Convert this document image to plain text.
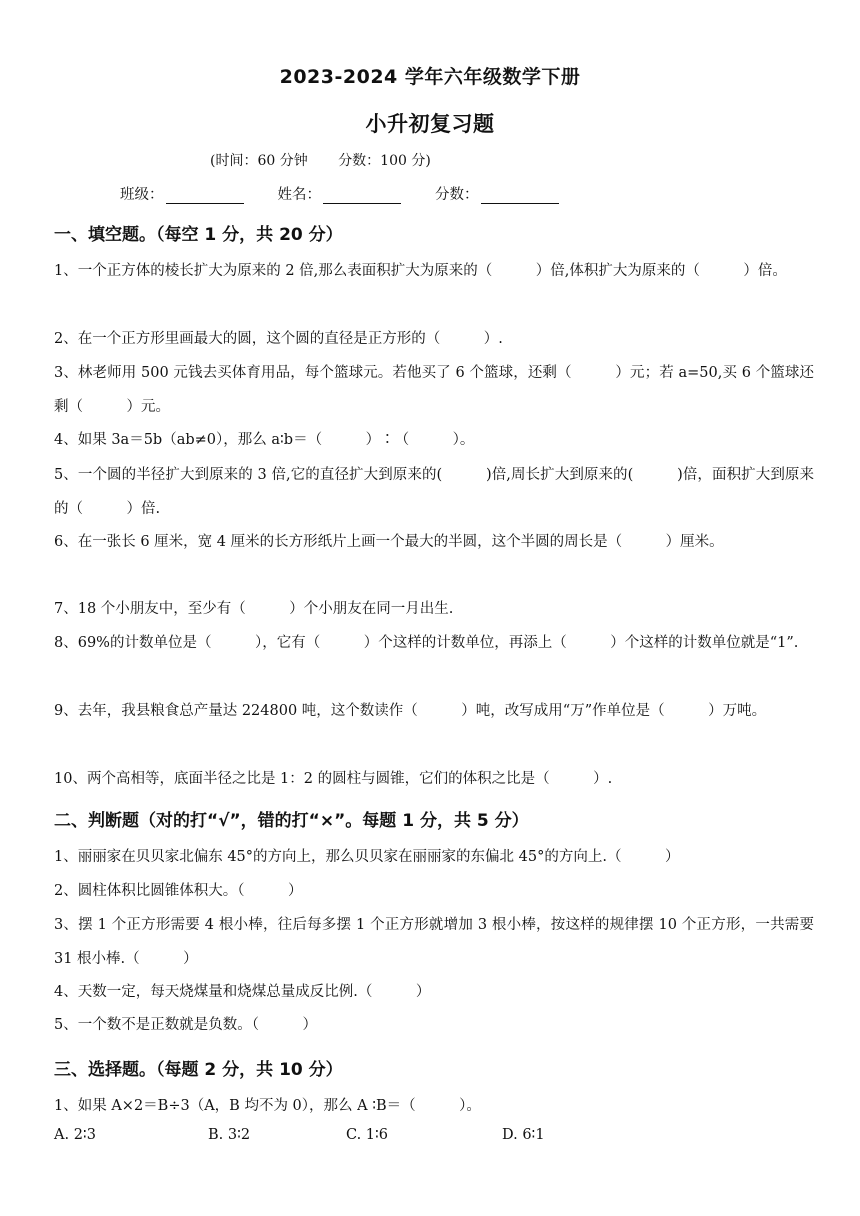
2023-2024 学年六年级数学下册
小升初复习题
(时间：60 分钟 分数：100 分)
班级：	姓名：	分数：
一、填空题。（每空 1 分，共 20 分）
1、一个正方体的棱长扩大为原来的 2 倍,那么表面积扩大为原来的（　　　）倍,体积扩大为原来的（　　　）倍。
2、在一个正方形里画最大的圆，这个圆的直径是正方形的（　　　）.
3、林老师用 500 元钱去买体育用品，每个篮球元。若他买了 6 个篮球，还剩（　　　）元；若 a=50,买 6 个篮球还剩（　　　）元。
4、如果 3a＝5b（ab≠0），那么 a∶b＝（　　　）∶（　　　）。
5、一个圆的半径扩大到原来的 3 倍,它的直径扩大到原来的(　　　)倍,周长扩大到原来的(　　　)倍，面积扩大到原来的（　　　）倍.
6、在一张长 6 厘米，宽 4 厘米的长方形纸片上画一个最大的半圆，这个半圆的周长是（　　　）厘米。
7、18 个小朋友中，至少有（　　　）个小朋友在同一月出生.
8、69%的计数单位是（　　　），它有（　　　）个这样的计数单位，再添上（　　　）个这样的计数单位就是“1”.
9、去年，我县粮食总产量达 224800 吨，这个数读作（　　　）吨，改写成用“万”作单位是（　　　）万吨。
10、两个高相等，底面半径之比是 1：2 的圆柱与圆锥，它们的体积之比是（　　　）.
二、判断题（对的打“√”，错的打“×”。每题 1 分，共 5 分）
1、丽丽家在贝贝家北偏东 45°的方向上，那么贝贝家在丽丽家的东偏北 45°的方向上.（　　　）
2、圆柱体积比圆锥体积大。（　　　）
3、摆 1 个正方形需要 4 根小棒，往后每多摆 1 个正方形就增加 3 根小棒，按这样的规律摆 10 个正方形，一共需要 31 根小棒.（　　　）
4、天数一定，每天烧煤量和烧煤总量成反比例.（　　　）
5、一个数不是正数就是负数。（　　　）
三、选择题。（每题 2 分，共 10 分）
1、如果 A×2＝B÷3（A，B 均不为 0），那么 A ∶B＝（　　　）。
A. 2∶3	B. 3∶2	C. 1∶6	D. 6∶1
